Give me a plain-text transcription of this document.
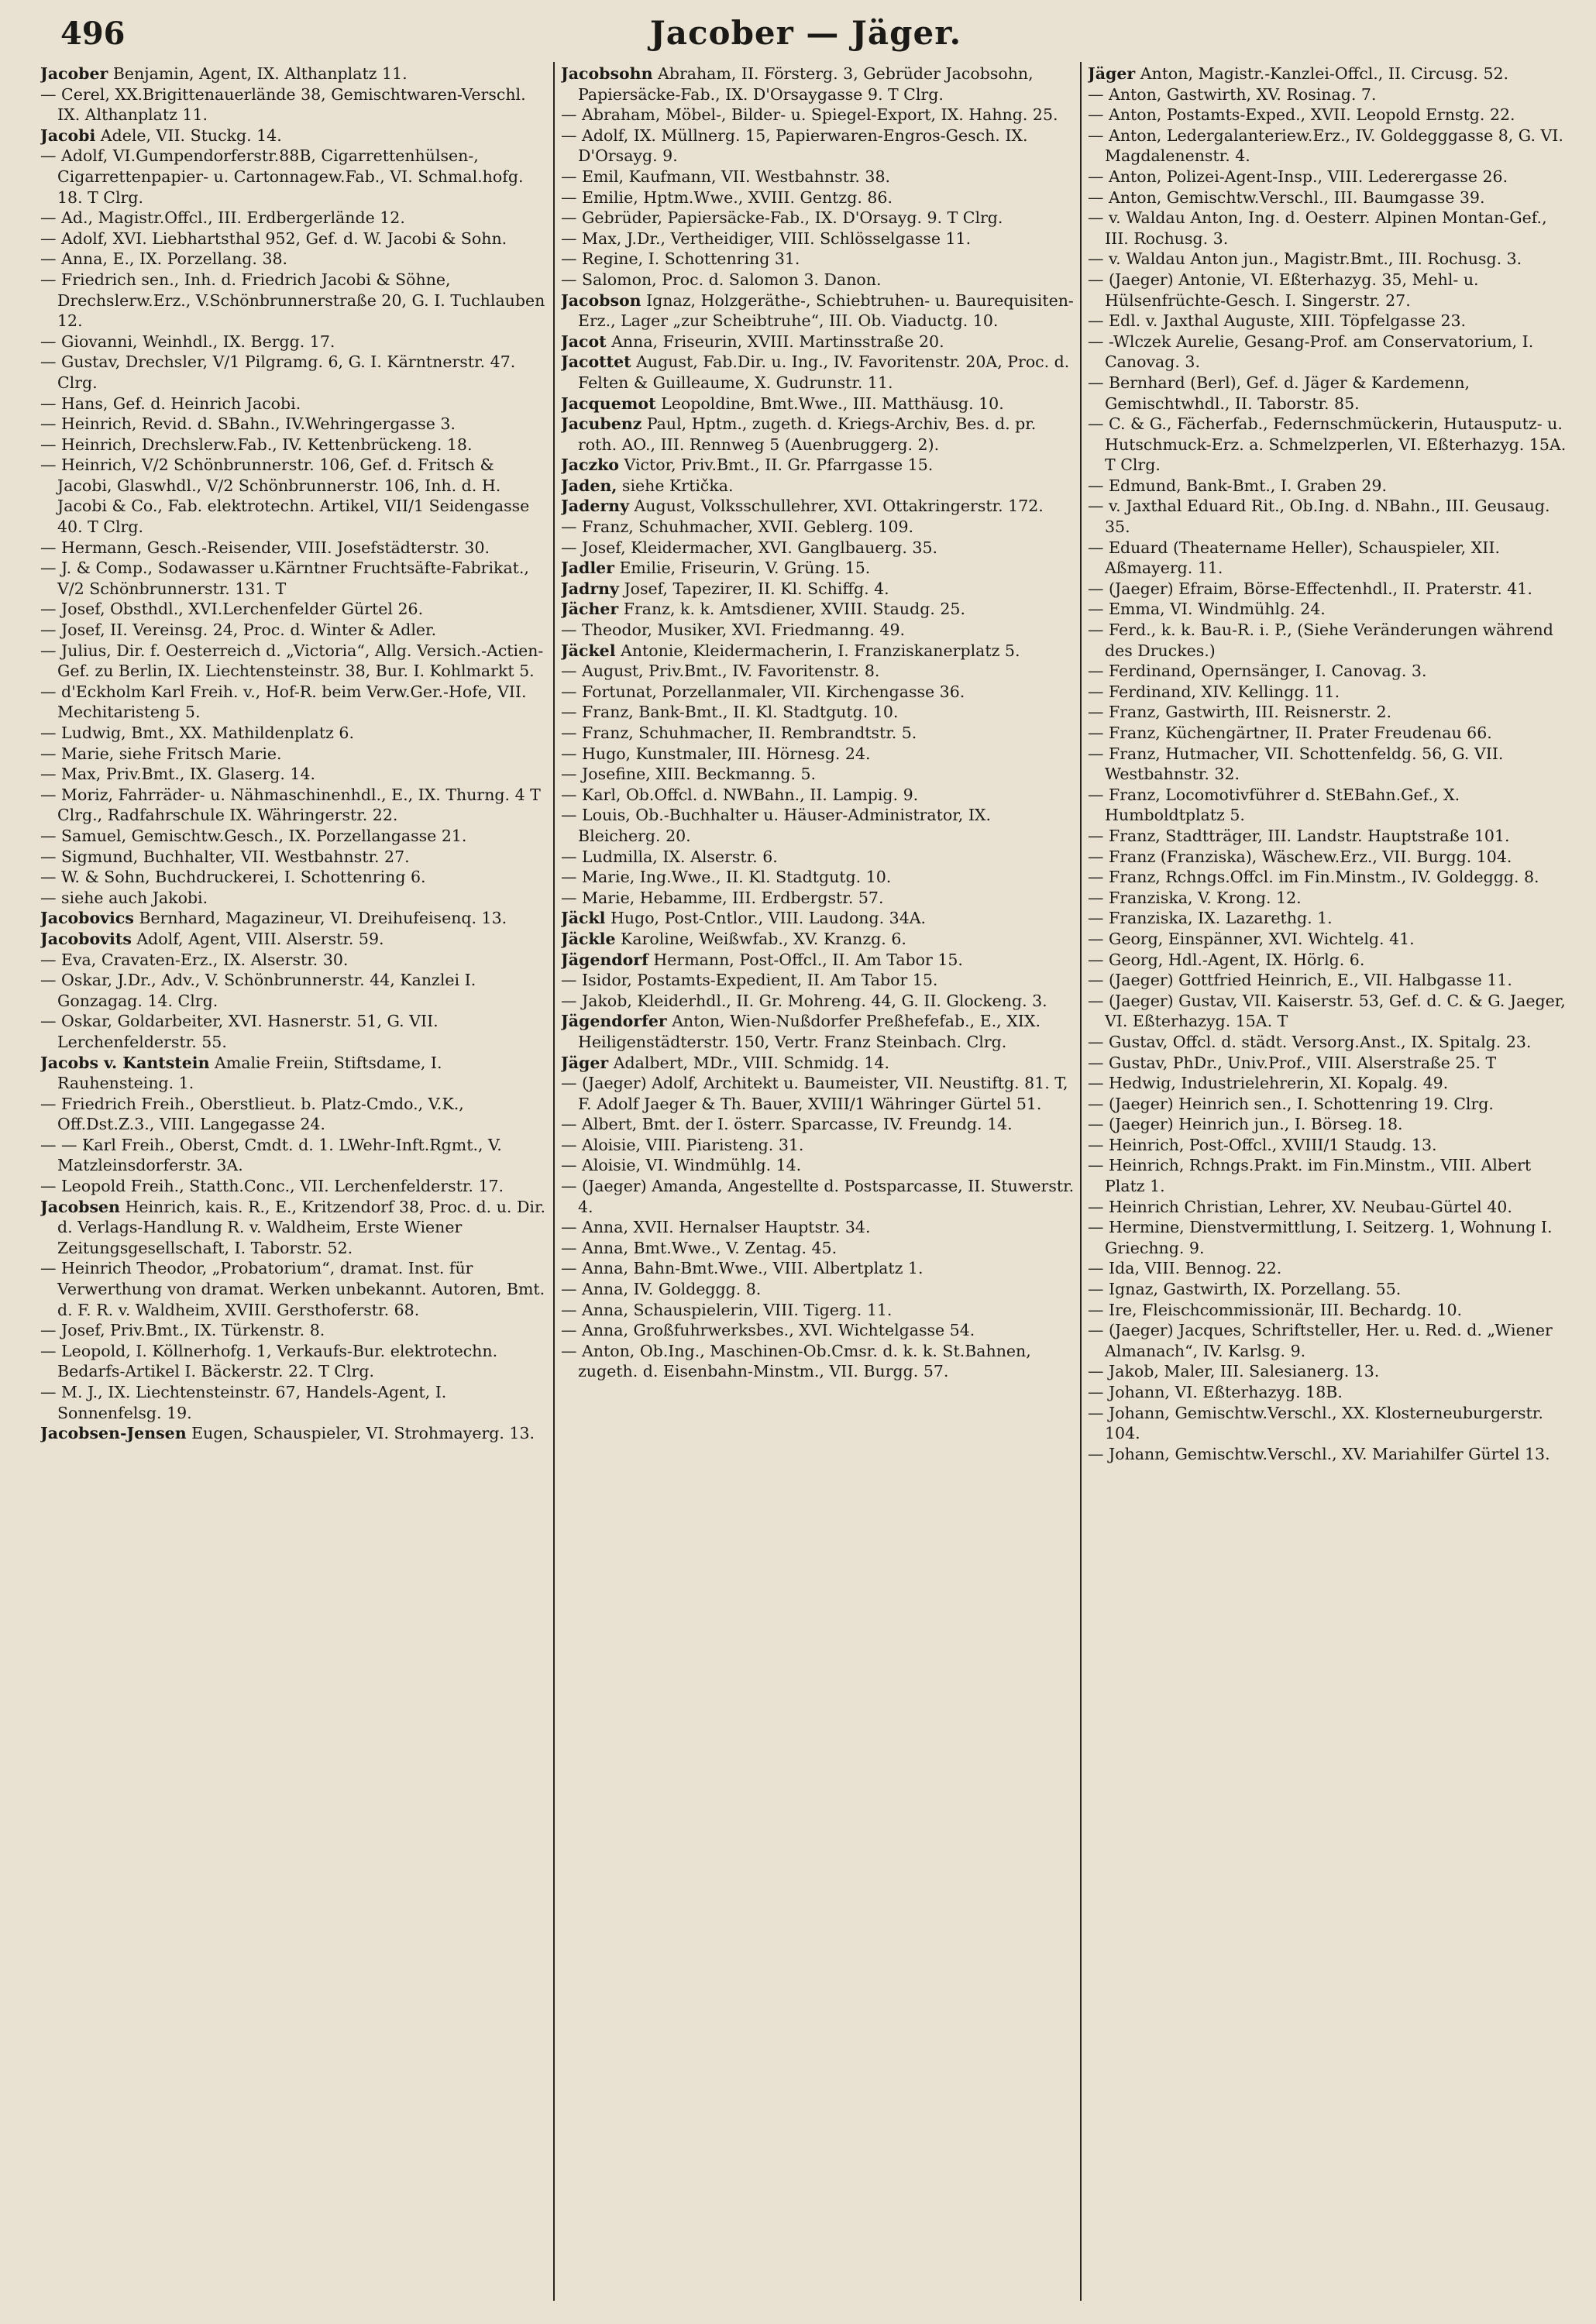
496	Jacober — Jäger.
Jacober Benjamin, Agent, IX. Althanplatz 11.
— Cerel, XX.Brigittenauerlände 38, Gemischtwaren-Verschl. IX. Althanplatz 11.
Jacobi Adele, VII. Stuckg. 14.
— Adolf, VI.Gumpendorferstr.88B, Cigarrettenhülsen-, Cigarrettenpapier- u. Cartonnagew.Fab., VI. Schmal.hofg. 18. T Clrg.
— Ad., Magistr.Offcl., III. Erdbergerlände 12.
— Adolf, XVI. Liebhartsthal 952, Gef. d. W. Jacobi & Sohn.
— Anna, E., IX. Porzellang. 38.
— Friedrich sen., Inh. d. Friedrich Jacobi & Söhne, Drechslerw.Erz., V.Schönbrunnerstraße 20, G. I. Tuchlauben 12.
— Giovanni, Weinhdl., IX. Bergg. 17.
— Gustav, Drechsler, V/1 Pilgramg. 6, G. I. Kärntnerstr. 47. Clrg.
— Hans, Gef. d. Heinrich Jacobi.
— Heinrich, Revid. d. SBahn., IV.Wehringergasse 3.
— Heinrich, Drechslerw.Fab., IV. Kettenbrückeng. 18.
— Heinrich, V/2 Schönbrunnerstr. 106, Gef. d. Fritsch & Jacobi, Glaswhdl., V/2 Schönbrunnerstr. 106, Inh. d. H. Jacobi & Co., Fab. elektrotechn. Artikel, VII/1 Seidengasse 40. T Clrg.
— Hermann, Gesch.-Reisender, VIII. Josefstädterstr. 30.
— J. & Comp., Sodawasser u.Kärntner Fruchtsäfte-Fabrikat., V/2 Schönbrunnerstr. 131. T
— Josef, Obsthdl., XVI.Lerchenfelder Gürtel 26.
— Josef, II. Vereinsg. 24, Proc. d. Winter & Adler.
— Julius, Dir. f. Oesterreich d. „Victoria“, Allg. Versich.-Actien-Gef. zu Berlin, IX. Liechtensteinstr. 38, Bur. I. Kohlmarkt 5.
— d'Eckholm Karl Freih. v., Hof-R. beim Verw.Ger.-Hofe, VII. Mechitaristeng 5.
— Ludwig, Bmt., XX. Mathildenplatz 6.
— Marie, siehe Fritsch Marie.
— Max, Priv.Bmt., IX. Glaserg. 14.
— Moriz, Fahrräder- u. Nähmaschinenhdl., E., IX. Thurng. 4 T Clrg., Radfahrschule IX. Währingerstr. 22.
— Samuel, Gemischtw.Gesch., IX. Porzellangasse 21.
— Sigmund, Buchhalter, VII. Westbahnstr. 27.
— W. & Sohn, Buchdruckerei, I. Schottenring 6.
— siehe auch Jakobi.
Jacobovics Bernhard, Magazineur, VI. Dreihufeisenq. 13.
Jacobovits Adolf, Agent, VIII. Alserstr. 59.
— Eva, Cravaten-Erz., IX. Alserstr. 30.
— Oskar, J.Dr., Adv., V. Schönbrunnerstr. 44, Kanzlei I. Gonzagag. 14. Clrg.
— Oskar, Goldarbeiter, XVI. Hasnerstr. 51, G. VII. Lerchenfelderstr. 55.
Jacobs v. Kantstein Amalie Freiin, Stiftsdame, I. Rauhensteing. 1.
— Friedrich Freih., Oberstlieut. b. Platz-Cmdo., V.K., Off.Dst.Z.3., VIII. Langegasse 24.
— — Karl Freih., Oberst, Cmdt. d. 1. LWehr-Inft.Rgmt., V. Matzleinsdorferstr. 3A.
— Leopold Freih., Statth.Conc., VII. Lerchenfelderstr. 17.
Jacobsen Heinrich, kais. R., E., Kritzendorf 38, Proc. d. u. Dir. d. Verlags-Handlung R. v. Waldheim, Erste Wiener Zeitungsgesellschaft, I. Taborstr. 52.
— Heinrich Theodor, „Probatorium“, dramat. Inst. für Verwerthung von dramat. Werken unbekannt. Autoren, Bmt. d. F. R. v. Waldheim, XVIII. Gersthoferstr. 68.
— Josef, Priv.Bmt., IX. Türkenstr. 8.
— Leopold, I. Köllnerhofg. 1, Verkaufs-Bur. elektrotechn. Bedarfs-Artikel I. Bäckerstr. 22. T Clrg.
— M. J., IX. Liechtensteinstr. 67, Handels-Agent, I. Sonnenfelsg. 19.
Jacobsen-Jensen Eugen, Schauspieler, VI. Strohmayerg. 13.
Jacobsohn Abraham, II. Försterg. 3, Gebrüder Jacobsohn, Papiersäcke-Fab., IX. D'Orsaygasse 9. T Clrg.
— Abraham, Möbel-, Bilder- u. Spiegel-Export, IX. Hahng. 25.
— Adolf, IX. Müllnerg. 15, Papierwaren-Engros-Gesch. IX. D'Orsayg. 9.
— Emil, Kaufmann, VII. Westbahnstr. 38.
— Emilie, Hptm.Wwe., XVIII. Gentzg. 86.
— Gebrüder, Papiersäcke-Fab., IX. D'Orsayg. 9. T Clrg.
— Max, J.Dr., Vertheidiger, VIII. Schlösselgasse 11.
— Regine, I. Schottenring 31.
— Salomon, Proc. d. Salomon 3. Danon.
Jacobson Ignaz, Holzgeräthe-, Schiebtruhen- u. Baurequisiten-Erz., Lager „zur Scheibtruhe“, III. Ob. Viaductg. 10.
Jacot Anna, Friseurin, XVIII. Martinsstraße 20.
Jacottet August, Fab.Dir. u. Ing., IV. Favoritenstr. 20A, Proc. d. Felten & Guilleaume, X. Gudrunstr. 11.
Jacquemot Leopoldine, Bmt.Wwe., III. Matthäusg. 10.
Jacubenz Paul, Hptm., zugeth. d. Kriegs-Archiv, Bes. d. pr. roth. AO., III. Rennweg 5 (Auenbruggerg. 2).
Jaczko Victor, Priv.Bmt., II. Gr. Pfarrgasse 15.
Jaden, siehe Krtička.
Jaderny August, Volksschullehrer, XVI. Ottakringerstr. 172.
— Franz, Schuhmacher, XVII. Geblerg. 109.
— Josef, Kleidermacher, XVI. Ganglbauerg. 35.
Jadler Emilie, Friseurin, V. Grüng. 15.
Jadrny Josef, Tapezirer, II. Kl. Schiffg. 4.
Jächer Franz, k. k. Amtsdiener, XVIII. Staudg. 25.
— Theodor, Musiker, XVI. Friedmanng. 49.
Jäckel Antonie, Kleidermacherin, I. Franziskanerplatz 5.
— August, Priv.Bmt., IV. Favoritenstr. 8.
— Fortunat, Porzellanmaler, VII. Kirchengasse 36.
— Franz, Bank-Bmt., II. Kl. Stadtgutg. 10.
— Franz, Schuhmacher, II. Rembrandtstr. 5.
— Hugo, Kunstmaler, III. Hörnesg. 24.
— Josefine, XIII. Beckmanng. 5.
— Karl, Ob.Offcl. d. NWBahn., II. Lampig. 9.
— Louis, Ob.-Buchhalter u. Häuser-Administrator, IX. Bleicherg. 20.
— Ludmilla, IX. Alserstr. 6.
— Marie, Ing.Wwe., II. Kl. Stadtgutg. 10.
— Marie, Hebamme, III. Erdbergstr. 57.
Jäckl Hugo, Post-Cntlor., VIII. Laudong. 34A.
Jäckle Karoline, Weißwfab., XV. Kranzg. 6.
Jägendorf Hermann, Post-Offcl., II. Am Tabor 15.
— Isidor, Postamts-Expedient, II. Am Tabor 15.
— Jakob, Kleiderhdl., II. Gr. Mohreng. 44, G. II. Glockeng. 3.
Jägendorfer Anton, Wien-Nußdorfer Preßhefefab., E., XIX. Heiligenstädterstr. 150, Vertr. Franz Steinbach. Clrg.
Jäger Adalbert, MDr., VIII. Schmidg. 14.
— (Jaeger) Adolf, Architekt u. Baumeister, VII. Neustiftg. 81. T, F. Adolf Jaeger & Th. Bauer, XVIII/1 Währinger Gürtel 51.
— Albert, Bmt. der I. österr. Sparcasse, IV. Freundg. 14.
— Aloisie, VIII. Piaristeng. 31.
— Aloisie, VI. Windmühlg. 14.
— (Jaeger) Amanda, Angestellte d. Postsparcasse, II. Stuwerstr. 4.
— Anna, XVII. Hernalser Hauptstr. 34.
— Anna, Bmt.Wwe., V. Zentag. 45.
— Anna, Bahn-Bmt.Wwe., VIII. Albertplatz 1.
— Anna, IV. Goldeggg. 8.
— Anna, Schauspielerin, VIII. Tigerg. 11.
— Anna, Großfuhrwerksbes., XVI. Wichtelgasse 54.
— Anton, Ob.Ing., Maschinen-Ob.Cmsr. d. k. k. St.Bahnen, zugeth. d. Eisenbahn-Minstm., VII. Burgg. 57.
Jäger Anton, Magistr.-Kanzlei-Offcl., II. Circusg. 52.
— Anton, Gastwirth, XV. Rosinag. 7.
— Anton, Postamts-Exped., XVII. Leopold Ernstg. 22.
— Anton, Ledergalanteriew.Erz., IV. Goldegggasse 8, G. VI. Magdalenenstr. 4.
— Anton, Polizei-Agent-Insp., VIII. Lederergasse 26.
— Anton, Gemischtw.Verschl., III. Baumgasse 39.
— v. Waldau Anton, Ing. d. Oesterr. Alpinen Montan-Gef., III. Rochusg. 3.
— v. Waldau Anton jun., Magistr.Bmt., III. Rochusg. 3.
— (Jaeger) Antonie, VI. Eßterhazyg. 35, Mehl- u. Hülsenfrüchte-Gesch. I. Singerstr. 27.
— Edl. v. Jaxthal Auguste, XIII. Töpfelgasse 23.
— -Wlczek Aurelie, Gesang-Prof. am Conservatorium, I. Canovag. 3.
— Bernhard (Berl), Gef. d. Jäger & Kardemenn, Gemischtwhdl., II. Taborstr. 85.
— C. & G., Fächerfab., Federnschmückerin, Hutausputz- u. Hutschmuck-Erz. a. Schmelzperlen, VI. Eßterhazyg. 15A. T Clrg.
— Edmund, Bank-Bmt., I. Graben 29.
— v. Jaxthal Eduard Rit., Ob.Ing. d. NBahn., III. Geusaug. 35.
— Eduard (Theatername Heller), Schauspieler, XII. Aßmayerg. 11.
— (Jaeger) Efraim, Börse-Effectenhdl., II. Praterstr. 41.
— Emma, VI. Windmühlg. 24.
— Ferd., k. k. Bau-R. i. P., (Siehe Veränderungen während des Druckes.)
— Ferdinand, Opernsänger, I. Canovag. 3.
— Ferdinand, XIV. Kellingg. 11.
— Franz, Gastwirth, III. Reisnerstr. 2.
— Franz, Küchengärtner, II. Prater Freudenau 66.
— Franz, Hutmacher, VII. Schottenfeldg. 56, G. VII. Westbahnstr. 32.
— Franz, Locomotivführer d. StEBahn.Gef., X. Humboldtplatz 5.
— Franz, Stadtträger, III. Landstr. Hauptstraße 101.
— Franz (Franziska), Wäschew.Erz., VII. Burgg. 104.
— Franz, Rchngs.Offcl. im Fin.Minstm., IV. Goldeggg. 8.
— Franziska, V. Krong. 12.
— Franziska, IX. Lazarethg. 1.
— Georg, Einspänner, XVI. Wichtelg. 41.
— Georg, Hdl.-Agent, IX. Hörlg. 6.
— (Jaeger) Gottfried Heinrich, E., VII. Halbgasse 11.
— (Jaeger) Gustav, VII. Kaiserstr. 53, Gef. d. C. & G. Jaeger, VI. Eßterhazyg. 15A. T
— Gustav, Offcl. d. städt. Versorg.Anst., IX. Spitalg. 23.
— Gustav, PhDr., Univ.Prof., VIII. Alserstraße 25. T
— Hedwig, Industrielehrerin, XI. Kopalg. 49.
— (Jaeger) Heinrich sen., I. Schottenring 19. Clrg.
— (Jaeger) Heinrich jun., I. Börseg. 18.
— Heinrich, Post-Offcl., XVIII/1 Staudg. 13.
— Heinrich, Rchngs.Prakt. im Fin.Minstm., VIII. Albert Platz 1.
— Heinrich Christian, Lehrer, XV. Neubau-Gürtel 40.
— Hermine, Dienstvermittlung, I. Seitzerg. 1, Wohnung I. Griechng. 9.
— Ida, VIII. Bennog. 22.
— Ignaz, Gastwirth, IX. Porzellang. 55.
— Ire, Fleischcommissionär, III. Bechardg. 10.
— (Jaeger) Jacques, Schriftsteller, Her. u. Red. d. „Wiener Almanach“, IV. Karlsg. 9.
— Jakob, Maler, III. Salesianerg. 13.
— Johann, VI. Eßterhazyg. 18B.
— Johann, Gemischtw.Verschl., XX. Klosterneuburgerstr. 104.
— Johann, Gemischtw.Verschl., XV. Mariahilfer Gürtel 13.
